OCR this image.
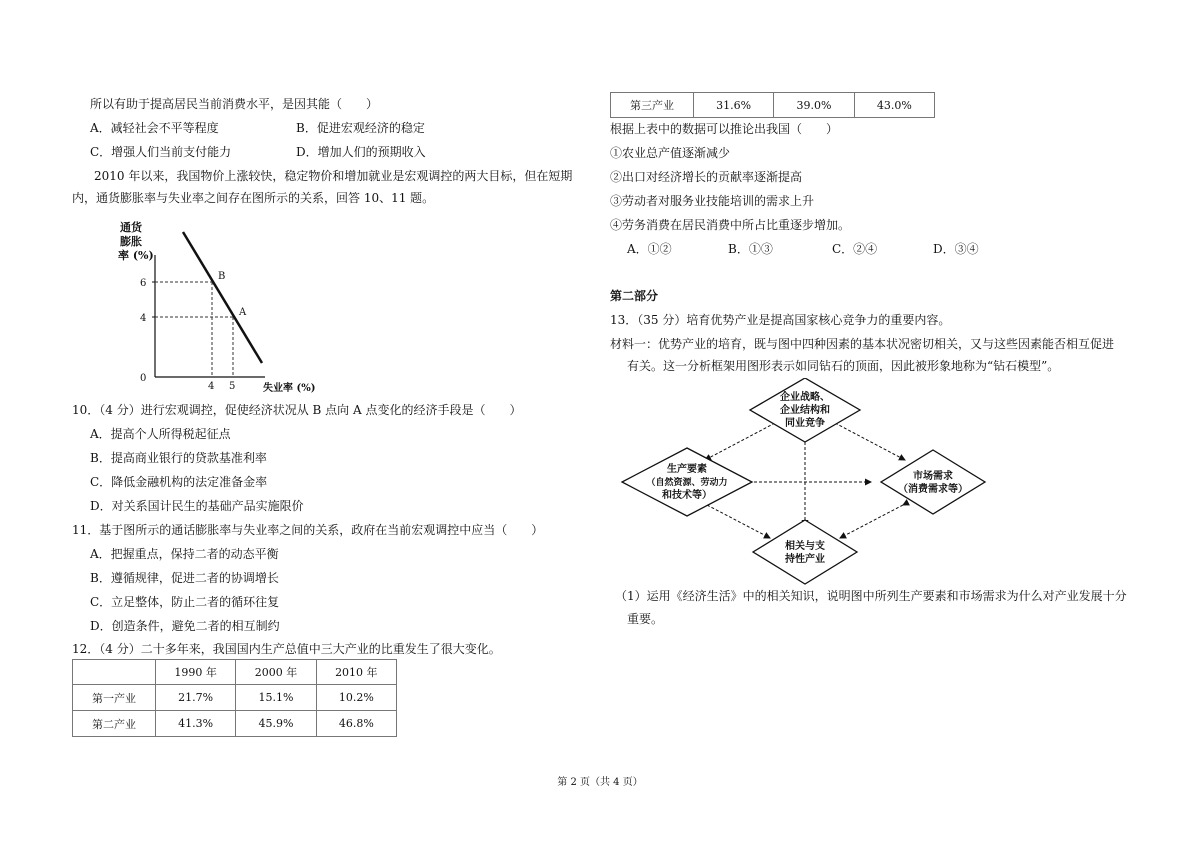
所以有助于提高居民当前消费水平，是因其能（　　）
A．减轻社会不平等程度	B．促进宏观经济的稳定
C．增强人们当前支付能力	D．增加人们的预期收入
2010 年以来，我国物价上涨较快，稳定物价和增加就业是宏观调控的两大目标，但在短期
内，通货膨胀率与失业率之间存在图所示的关系，回答 10、11 题。
通货
膨胀
率 (%)
B
A
6
4
0
4 5	失业率 (%)
10．（4 分）进行宏观调控，促使经济状况从 B 点向 A 点变化的经济手段是（　　）
A．提高个人所得税起征点
B．提高商业银行的贷款基准利率
C．降低金融机构的法定准备金率
D．对关系国计民生的基础产品实施限价
11．基于图所示的通话膨胀率与失业率之间的关系，政府在当前宏观调控中应当（　　）
A．把握重点，保持二者的动态平衡
B．遵循规律，促进二者的协调增长
C．立足整体，防止二者的循环往复
D．创造条件，避免二者的相互制约
12．（4 分）二十多年来，我国国内生产总值中三大产业的比重发生了很大变化。
	1990 年	2000 年	2010 年
第一产业	21.7%	15.1%	10.2%
第二产业	41.3%	45.9%	46.8%
第三产业	31.6%	39.0%	43.0%
根据上表中的数据可以推论出我国（　　）
①农业总产值逐渐减少
②出口对经济增长的贡献率逐渐提高
③劳动者对服务业技能培训的需求上升
④劳务消费在居民消费中所占比重逐步增加。
A．①②	B．①③	C．②④	D．③④
第二部分
13．（35 分）培育优势产业是提高国家核心竞争力的重要内容。
材料一：优势产业的培育，既与图中四种因素的基本状况密切相关，又与这些因素能否相互促进
有关。这一分析框架用图形表示如同钻石的顶面，因此被形象地称为“钻石模型”。
企业战略、
企业结构和
同业竞争
生产要素
（自然资源、劳动力
和技术等）
市场需求
（消费需求等）
相关与支
持性产业
（1）运用《经济生活》中的相关知识，说明图中所列生产要素和市场需求为什么对产业发展十分
重要。
第 2 页（共 4 页）
